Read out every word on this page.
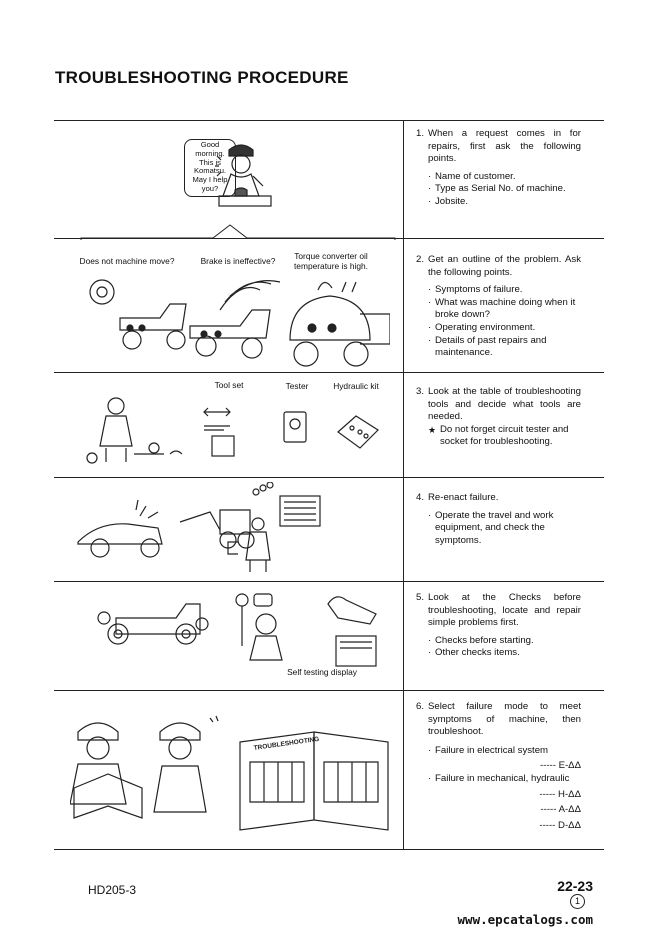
TROUBLESHOOTING PROCEDURE
Good
morning.
This is
Komatsu.
May I help
you?
Does not machine move?	Brake is ineffective?	Torque converter oil temperature is high.
Tool set	Tester	Hydraulic kit
Self testing display
TROUBLESHOOTING
1. When a request comes in for repairs, first ask the following points.
· Name of customer.
· Type as Serial No. of machine.
· Jobsite.
2. Get an outline of the problem. Ask the following points.
· Symptoms of failure.
· What was machine doing when it broke down?
· Operating environment.
· Details of past repairs and maintenance.
3. Look at the table of troubleshooting tools and decide what tools are needed.
★ Do not forget circuit tester and socket for troubleshooting.
4. Re-enact failure.
· Operate the travel and work equipment, and check the symptoms.
5. Look at the Checks before troubleshooting, locate and repair simple problems first.
· Checks before starting.
· Other checks items.
6. Select failure mode to meet symptoms of machine, then troubleshoot.
· Failure in electrical system
----- E-ΔΔ
· Failure in mechanical, hydraulic
----- H-ΔΔ
----- A-ΔΔ
----- D-ΔΔ
HD205-3	22-23
1
www.epcatalogs.com
